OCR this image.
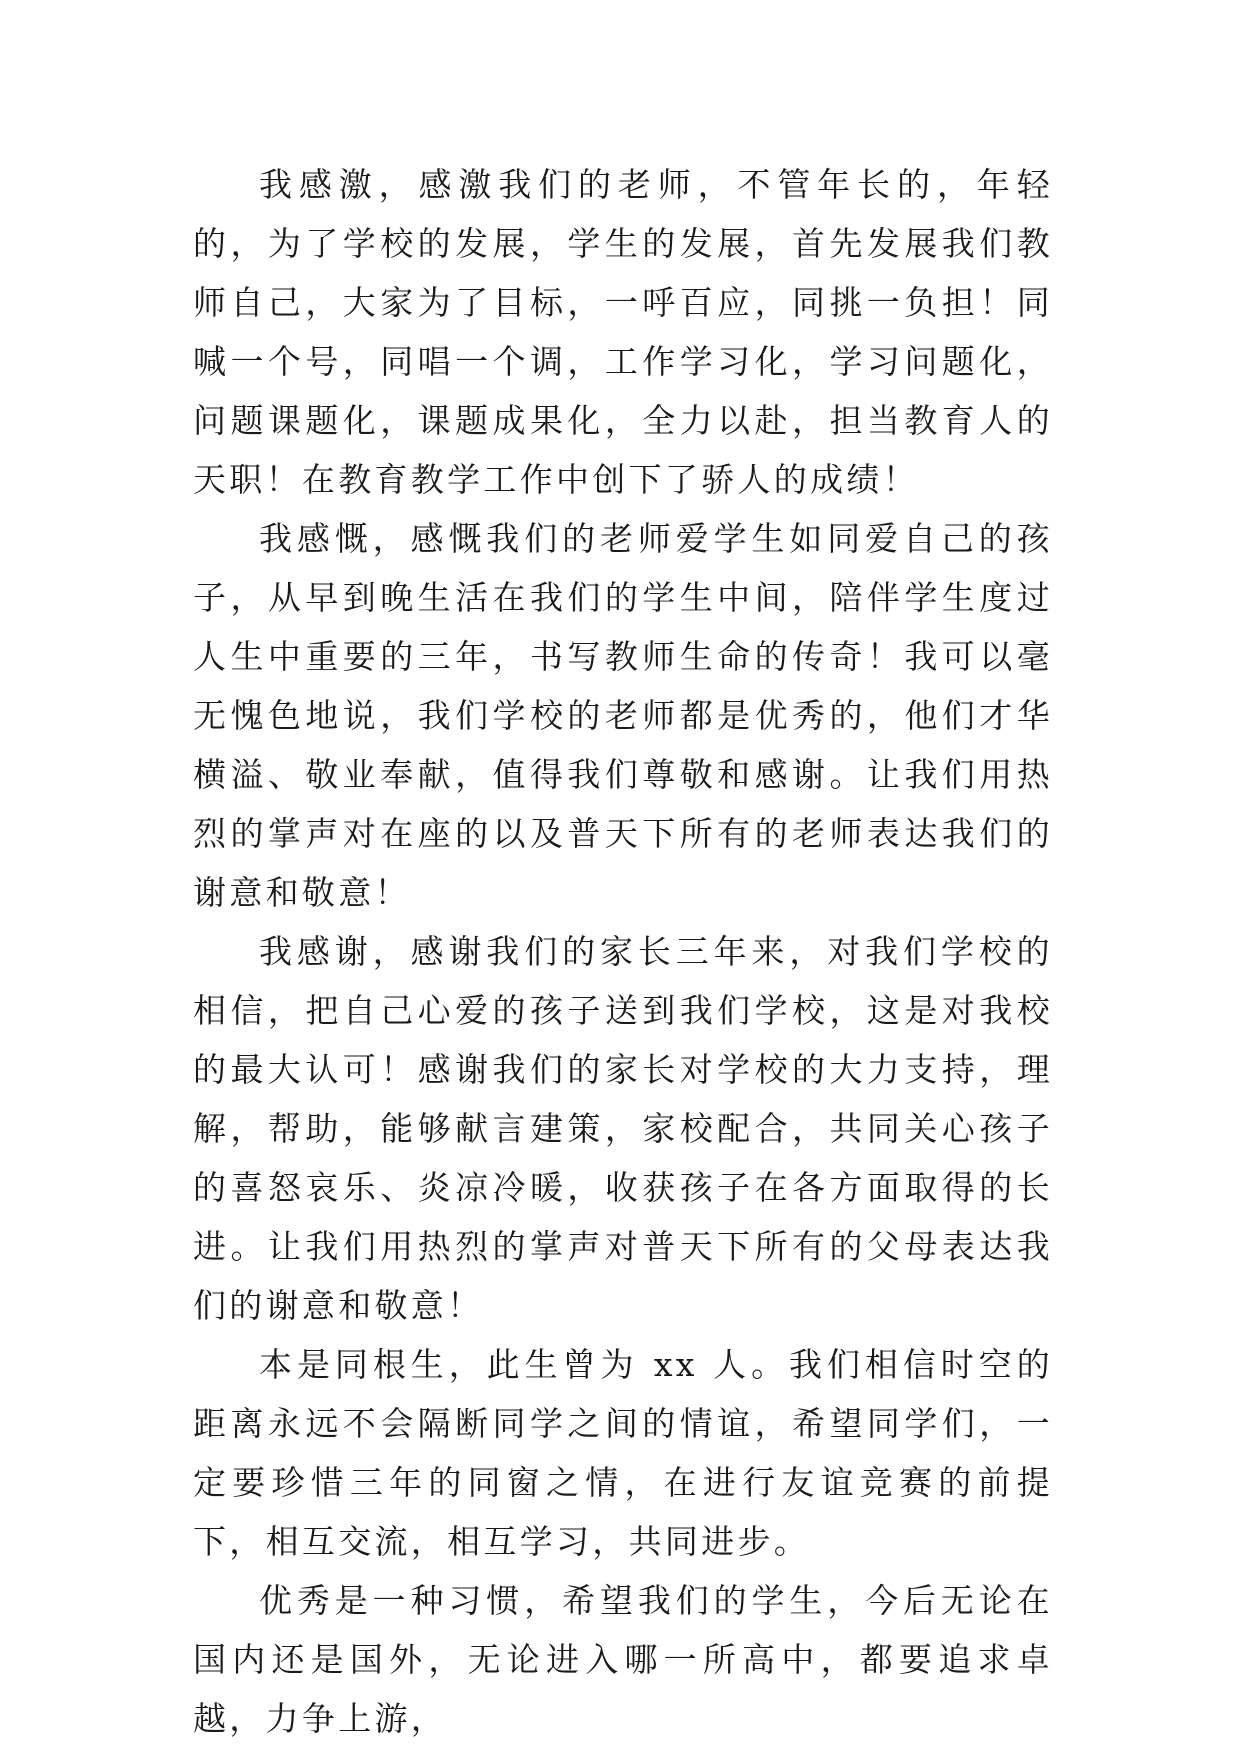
我感激，感激我们的老师，不管年长的，年轻的，为了学校的发展，学生的发展，首先发展我们教师自己，大家为了目标，一呼百应，同挑一负担！同喊一个号，同唱一个调，工作学习化，学习问题化，问题课题化，课题成果化，全力以赴，担当教育人的天职！在教育教学工作中创下了骄人的成绩！

我感慨，感慨我们的老师爱学生如同爱自己的孩子，从早到晚生活在我们的学生中间，陪伴学生度过人生中重要的三年，书写教师生命的传奇！我可以毫无愧色地说，我们学校的老师都是优秀的，他们才华横溢、敬业奉献，值得我们尊敬和感谢。让我们用热烈的掌声对在座的以及普天下所有的老师表达我们的谢意和敬意！

我感谢，感谢我们的家长三年来，对我们学校的相信，把自己心爱的孩子送到我们学校，这是对我校的最大认可！感谢我们的家长对学校的大力支持，理解，帮助，能够献言建策，家校配合，共同关心孩子的喜怒哀乐、炎凉冷暖，收获孩子在各方面取得的长进。让我们用热烈的掌声对普天下所有的父母表达我们的谢意和敬意！

本是同根生，此生曾为 xx 人。我们相信时空的距离永远不会隔断同学之间的情谊，希望同学们，一定要珍惜三年的同窗之情，在进行友谊竞赛的前提下，相互交流，相互学习，共同进步。

优秀是一种习惯，希望我们的学生，今后无论在国内还是国外，无论进入哪一所高中，都要追求卓越，力争上游，
